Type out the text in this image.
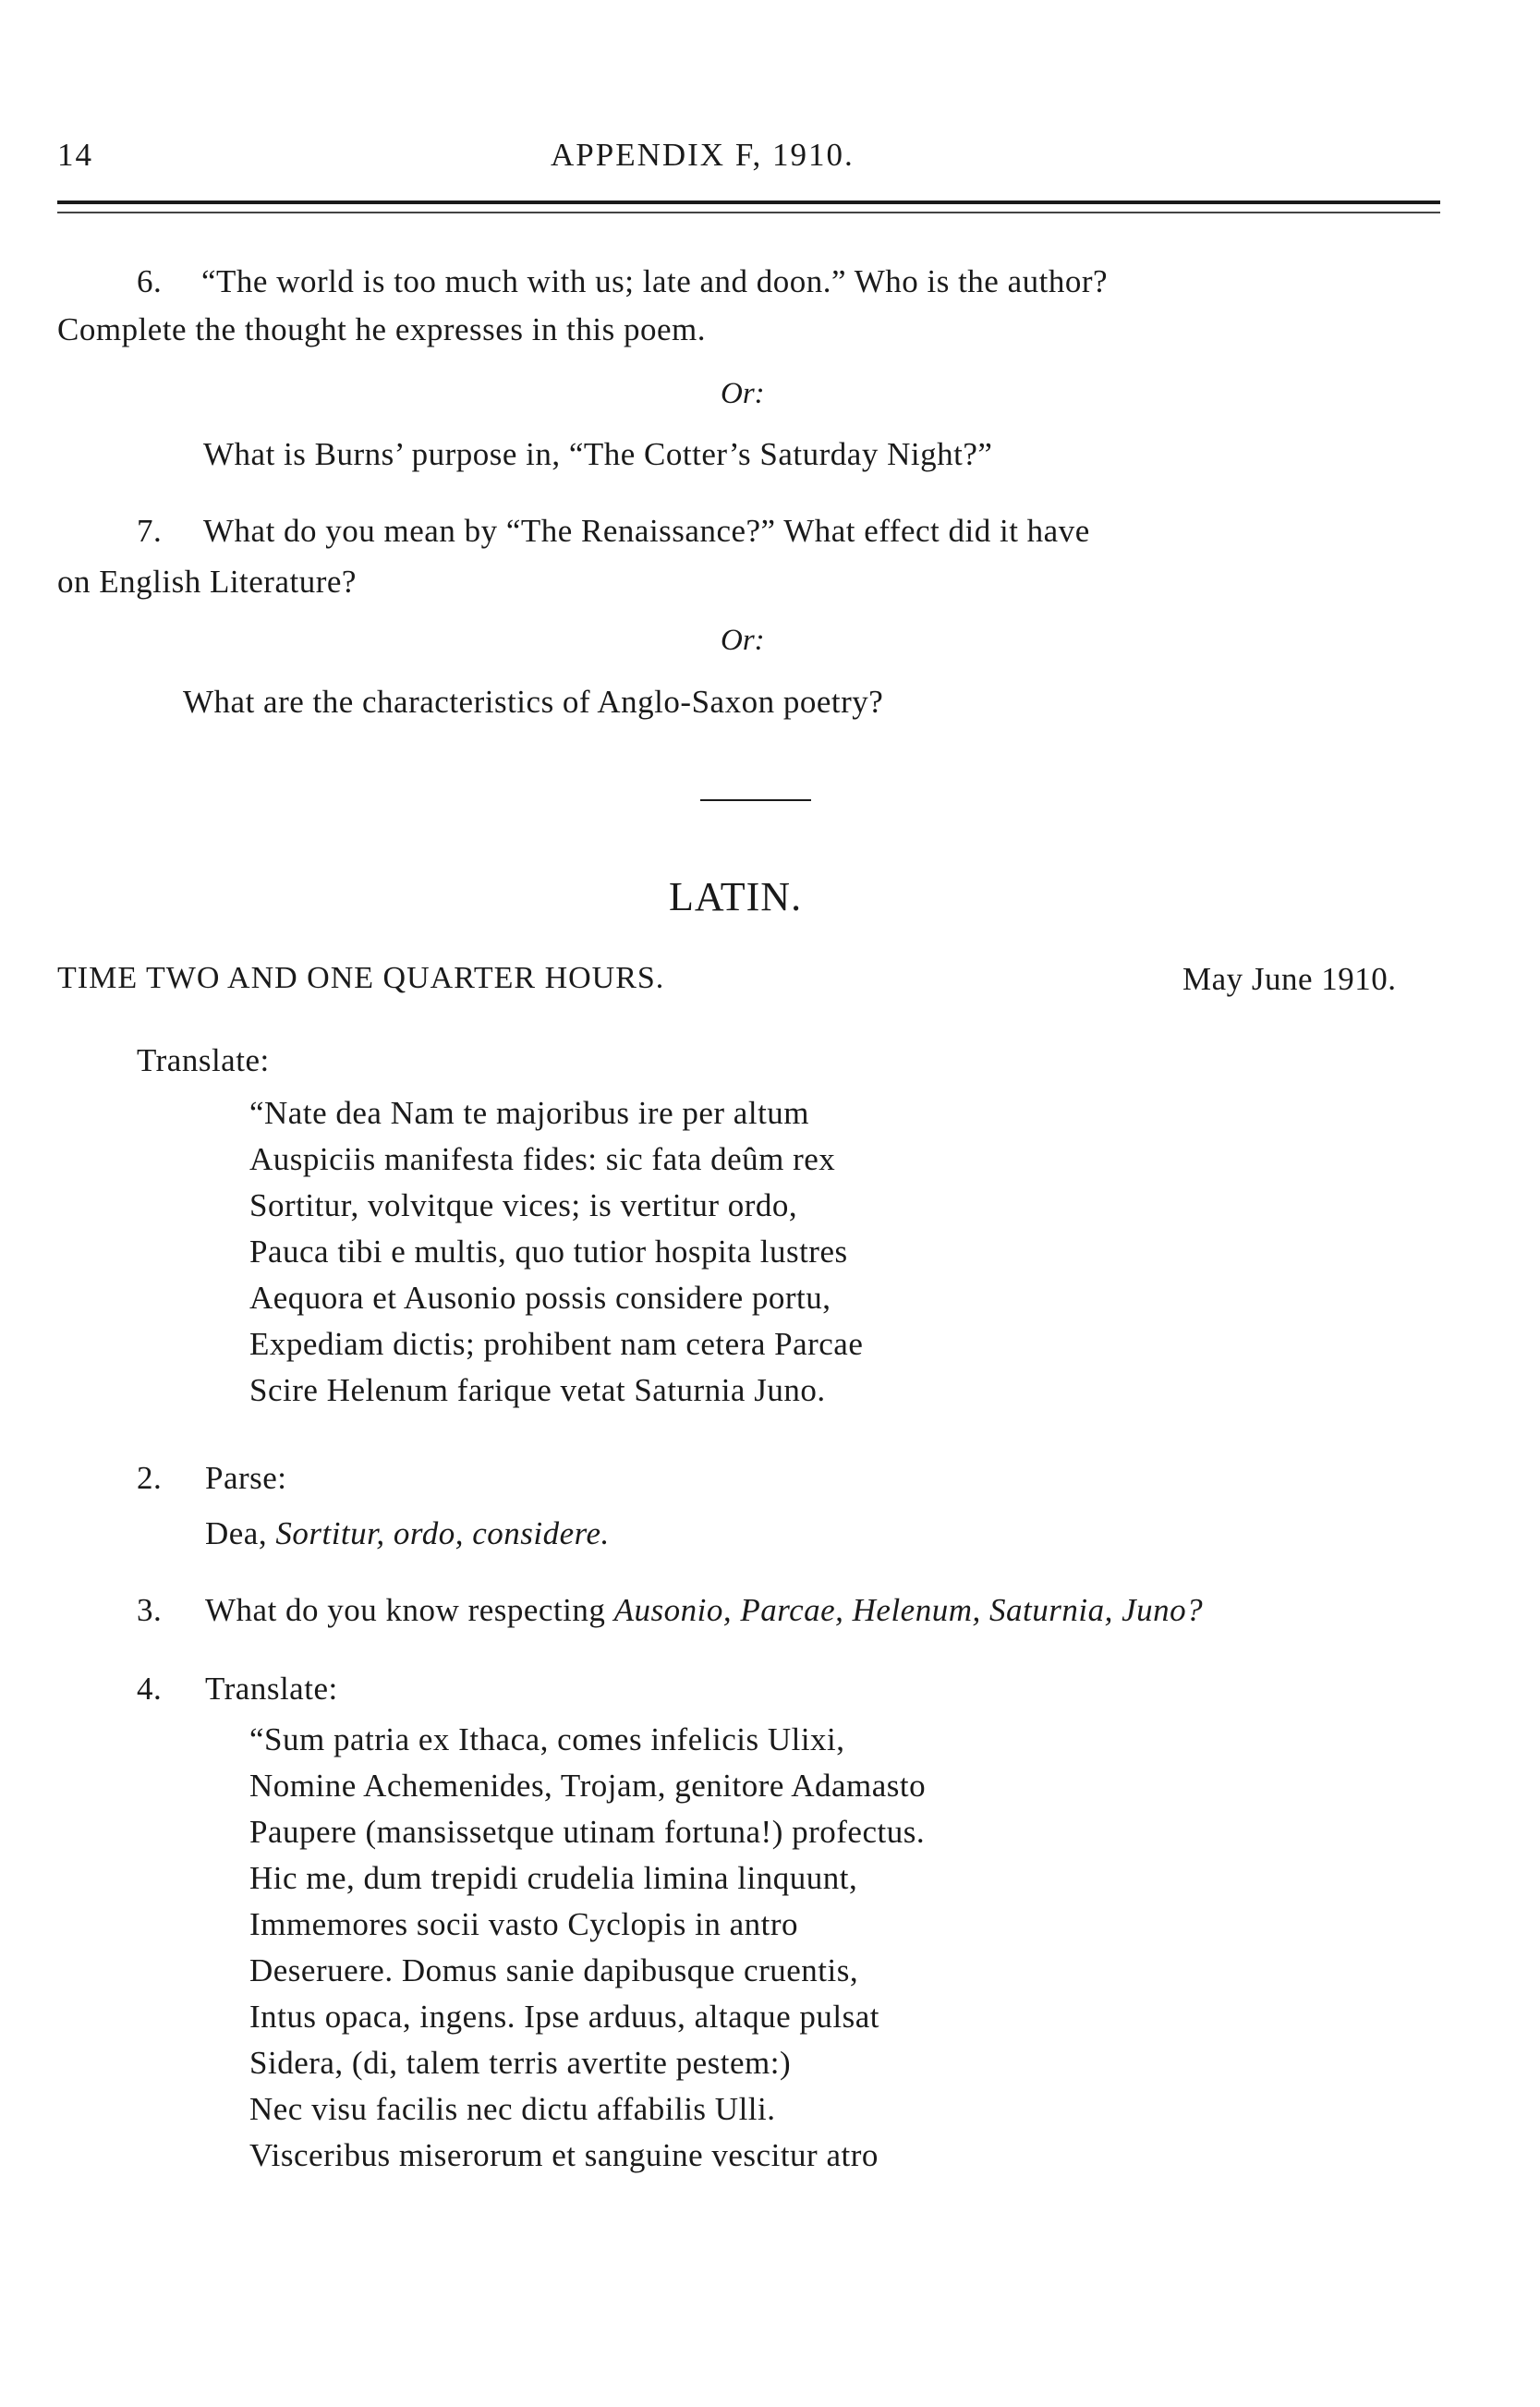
14	APPENDIX F, 1910.
6. “The world is too much with us; late and doon.” Who is the author?
Complete the thought he expresses in this poem.
Or:
What is Burns’ purpose in, “The Cotter’s Saturday Night?”
7. What do you mean by “The Renaissance?” What effect did it have
on English Literature?
Or:
What are the characteristics of Anglo-Saxon poetry?
LATIN.
TIME TWO AND ONE QUARTER HOURS.	May June 1910.
Translate:
“Nate dea Nam te majoribus ire per altum
Auspiciis manifesta fides: sic fata deûm rex
Sortitur, volvitque vices; is vertitur ordo,
Pauca tibi e multis, quo tutior hospita lustres
Aequora et Ausonio possis considere portu,
Expediam dictis; prohibent nam cetera Parcae
Scire Helenum farique vetat Saturnia Juno.
2. Parse:
Dea, Sortitur, ordo, considere.
3. What do you know respecting Ausonio, Parcae, Helenum, Saturnia, Juno?
4. Translate:
“Sum patria ex Ithaca, comes infelicis Ulixi,
Nomine Achemenides, Trojam, genitore Adamasto
Paupere (mansissetque utinam fortuna!) profectus.
Hic me, dum trepidi crudelia limina linquunt,
Immemores socii vasto Cyclopis in antro
Deseruere. Domus sanie dapibusque cruentis,
Intus opaca, ingens. Ipse arduus, altaque pulsat
Sidera, (di, talem terris avertite pestem:)
Nec visu facilis nec dictu affabilis Ulli.
Visceribus miserorum et sanguine vescitur atro
